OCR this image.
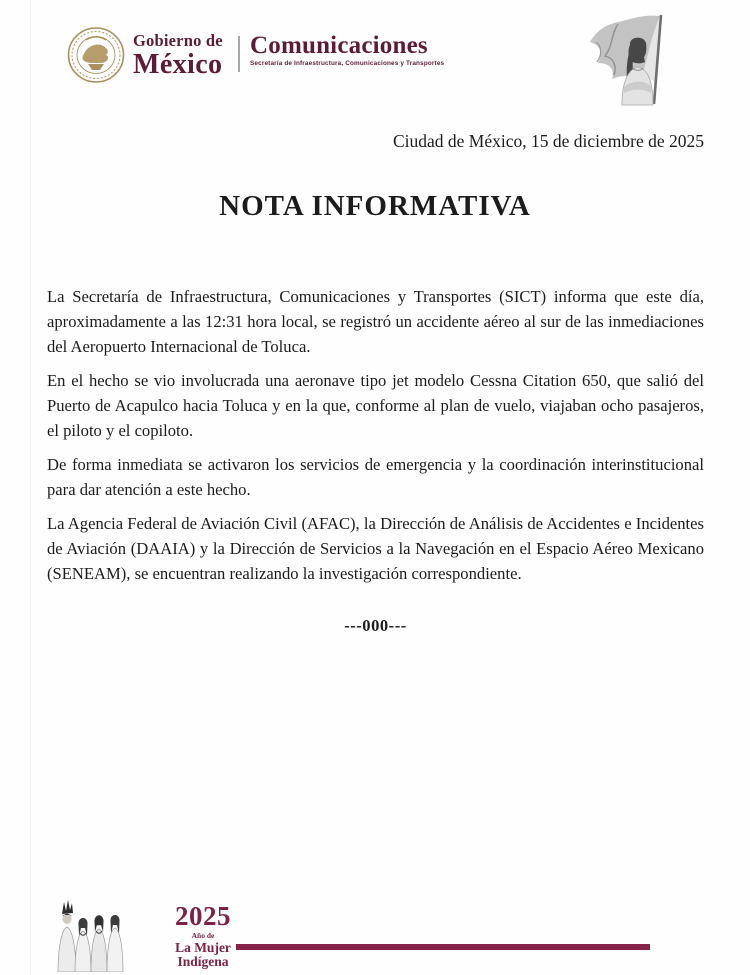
Gobierno de
México
Comunicaciones
Secretaría de Infraestructura, Comunicaciones y Transportes
Ciudad de México, 15 de diciembre de 2025
NOTA INFORMATIVA

La Secretaría de Infraestructura, Comunicaciones y Transportes (SICT) informa que este día, aproximadamente a las 12:31 hora local, se registró un accidente aéreo al sur de las inmediaciones del Aeropuerto Internacional de Toluca.

En el hecho se vio involucrada una aeronave tipo jet modelo Cessna Citation 650, que salió del Puerto de Acapulco hacia Toluca y en la que, conforme al plan de vuelo, viajaban ocho pasajeros, el piloto y el copiloto.

De forma inmediata se activaron los servicios de emergencia y la coordinación interinstitucional para dar atención a este hecho.

La Agencia Federal de Aviación Civil (AFAC), la Dirección de Análisis de Accidentes e Incidentes de Aviación (DAAIA) y la Dirección de Servicios a la Navegación en el Espacio Aéreo Mexicano (SENEAM), se encuentran realizando la investigación correspondiente.

---000---
2025
Año de
La Mujer
Indígena
